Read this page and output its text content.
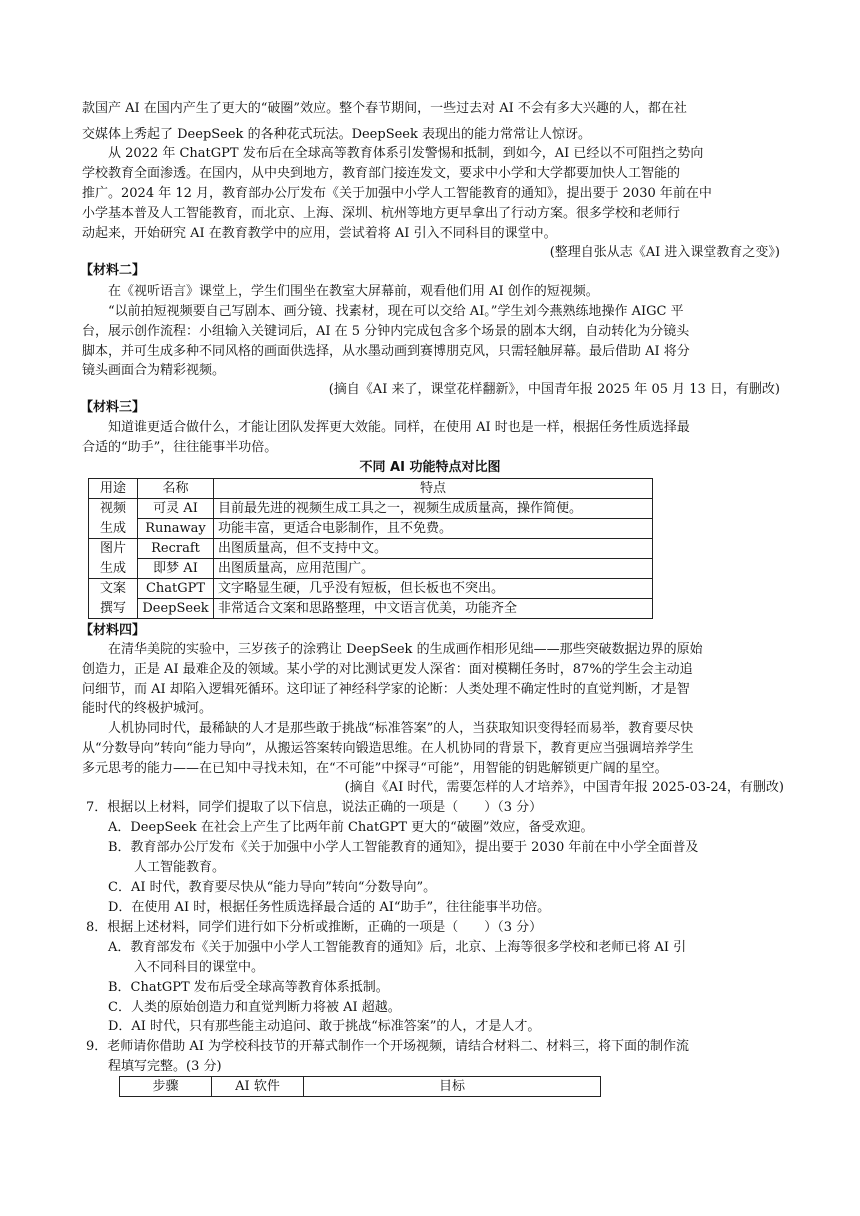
款国产 AI 在国内产生了更大的“破圈”效应。整个春节期间，一些过去对 AI 不会有多大兴趣的人，都在社
交媒体上秀起了 DeepSeek 的各种花式玩法。DeepSeek 表现出的能力常常让人惊讶。
从 2022 年 ChatGPT 发布后在全球高等教育体系引发警惕和抵制，到如今，AI 已经以不可阻挡之势向
学校教育全面渗透。在国内，从中央到地方，教育部门接连发文，要求中小学和大学都要加快人工智能的
推广。2024 年 12 月，教育部办公厅发布《关于加强中小学人工智能教育的通知》，提出要于 2030 年前在中
小学基本普及人工智能教育，而北京、上海、深圳、杭州等地方更早拿出了行动方案。很多学校和老师行
动起来，开始研究 AI 在教育教学中的应用，尝试着将 AI 引入不同科目的课堂中。
(整理自张从志《AI 进入课堂教育之变》)
【材料二】
在《视听语言》课堂上，学生们围坐在教室大屏幕前，观看他们用 AI 创作的短视频。
“以前拍短视频要自己写剧本、画分镜、找素材，现在可以交给 AI。”学生刘今燕熟练地操作 AIGC 平
台，展示创作流程：小组输入关键词后，AI 在 5 分钟内完成包含多个场景的剧本大纲，自动转化为分镜头
脚本，并可生成多种不同风格的画面供选择，从水墨动画到赛博朋克风，只需轻触屏幕。最后借助 AI 将分
镜头画面合为精彩视频。
(摘自《AI 来了，课堂花样翻新》，中国青年报 2025 年 05 月 13 日，有删改)
【材料三】
知道谁更适合做什么，才能让团队发挥更大效能。同样，在使用 AI 时也是一样，根据任务性质选择最
合适的“助手”，往往能事半功倍。
不同 AI 功能特点对比图
用途	名称	特点
视频	可灵 AI	目前最先进的视频生成工具之一，视频生成质量高，操作简便。
生成	Runaway	功能丰富，更适合电影制作，且不免费。
图片	Recraft	出图质量高，但不支持中文。
生成	即梦 AI	出图质量高，应用范围广。
文案	ChatGPT	文字略显生硬，几乎没有短板，但长板也不突出。
撰写	DeepSeek	非常适合文案和思路整理，中文语言优美，功能齐全
【材料四】
在清华美院的实验中，三岁孩子的涂鸦让 DeepSeek 的生成画作相形见绌——那些突破数据边界的原始
创造力，正是 AI 最难企及的领域。某小学的对比测试更发人深省：面对模糊任务时，87%的学生会主动追
问细节，而 AI 却陷入逻辑死循环。这印证了神经科学家的论断：人类处理不确定性时的直觉判断，才是智
能时代的终极护城河。
人机协同时代，最稀缺的人才是那些敢于挑战“标准答案”的人，当获取知识变得轻而易举，教育要尽快
从“分数导向”转向“能力导向”，从搬运答案转向锻造思维。在人机协同的背景下，教育更应当强调培养学生
多元思考的能力——在已知中寻找未知，在“不可能”中探寻“可能”，用智能的钥匙解锁更广阔的星空。
(摘自《AI 时代，需要怎样的人才培养》，中国青年报 2025-03-24，有删改)
7．根据以上材料，同学们提取了以下信息，说法正确的一项是（　　）（3 分）
A．DeepSeek 在社会上产生了比两年前 ChatGPT 更大的“破圈”效应，备受欢迎。
B．教育部办公厅发布《关于加强中小学人工智能教育的通知》，提出要于 2030 年前在中小学全面普及
人工智能教育。
C．AI 时代，教育要尽快从“能力导向”转向“分数导向”。
D．在使用 AI 时，根据任务性质选择最合适的 AI“助手”，往往能事半功倍。
8．根据上述材料，同学们进行如下分析或推断，正确的一项是（　　）（3 分）
A．教育部发布《关于加强中小学人工智能教育的通知》后，北京、上海等很多学校和老师已将 AI 引
入不同科目的课堂中。
B．ChatGPT 发布后受全球高等教育体系抵制。
C．人类的原始创造力和直觉判断力将被 AI 超越。
D．AI 时代，只有那些能主动追问、敢于挑战“标准答案”的人，才是人才。
9．老师请你借助 AI 为学校科技节的开幕式制作一个开场视频，请结合材料二、材料三，将下面的制作流
程填写完整。(3 分)
步骤	AI 软件	目标
